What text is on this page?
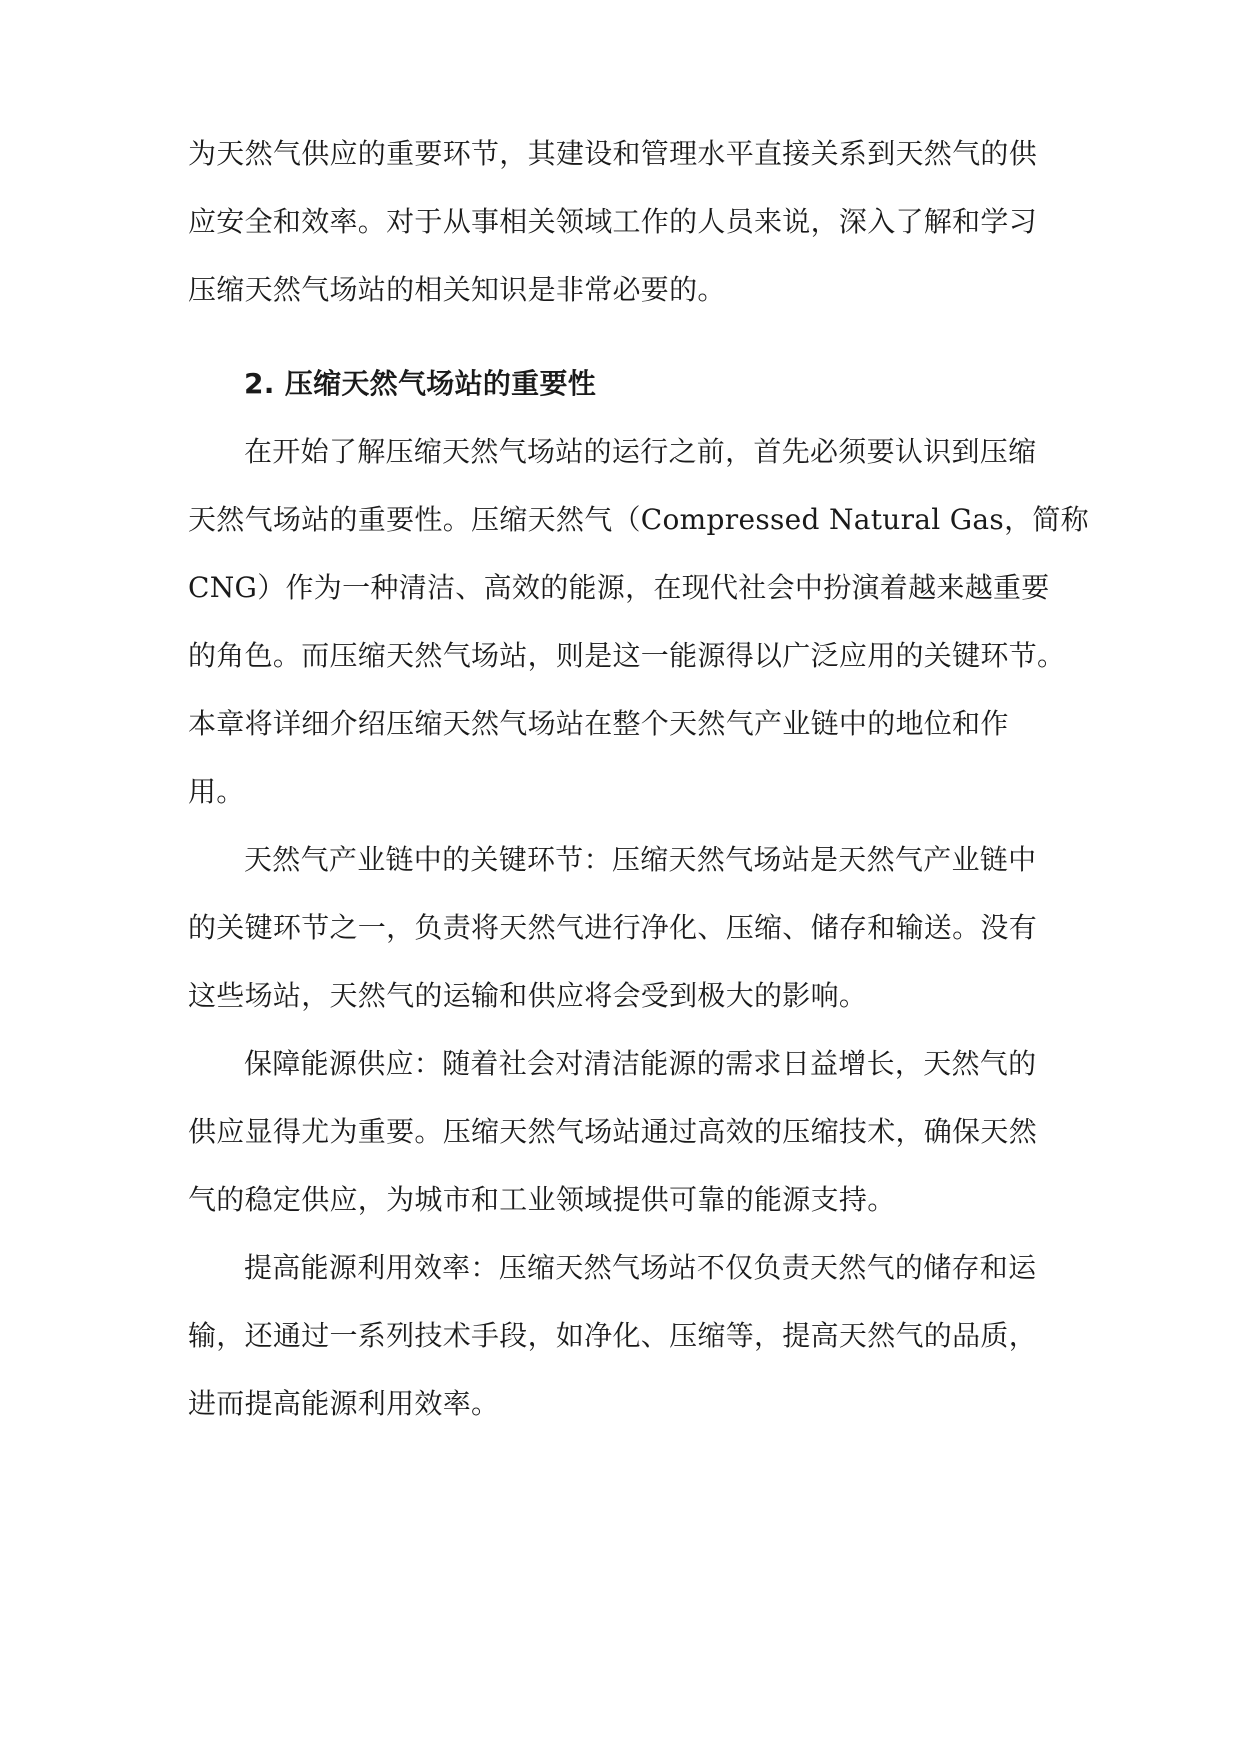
为天然气供应的重要环节，其建设和管理水平直接关系到天然气的供
应安全和效率。对于从事相关领域工作的人员来说，深入了解和学习
压缩天然气场站的相关知识是非常必要的。
2. 压缩天然气场站的重要性
在开始了解压缩天然气场站的运行之前，首先必须要认识到压缩
天然气场站的重要性。压缩天然气（Compressed Natural Gas，简称
CNG）作为一种清洁、高效的能源，在现代社会中扮演着越来越重要
的角色。而压缩天然气场站，则是这一能源得以广泛应用的关键环节。
本章将详细介绍压缩天然气场站在整个天然气产业链中的地位和作
用。
天然气产业链中的关键环节：压缩天然气场站是天然气产业链中
的关键环节之一，负责将天然气进行净化、压缩、储存和输送。没有
这些场站，天然气的运输和供应将会受到极大的影响。
保障能源供应：随着社会对清洁能源的需求日益增长，天然气的
供应显得尤为重要。压缩天然气场站通过高效的压缩技术，确保天然
气的稳定供应，为城市和工业领域提供可靠的能源支持。
提高能源利用效率：压缩天然气场站不仅负责天然气的储存和运
输，还通过一系列技术手段，如净化、压缩等，提高天然气的品质，
进而提高能源利用效率。
